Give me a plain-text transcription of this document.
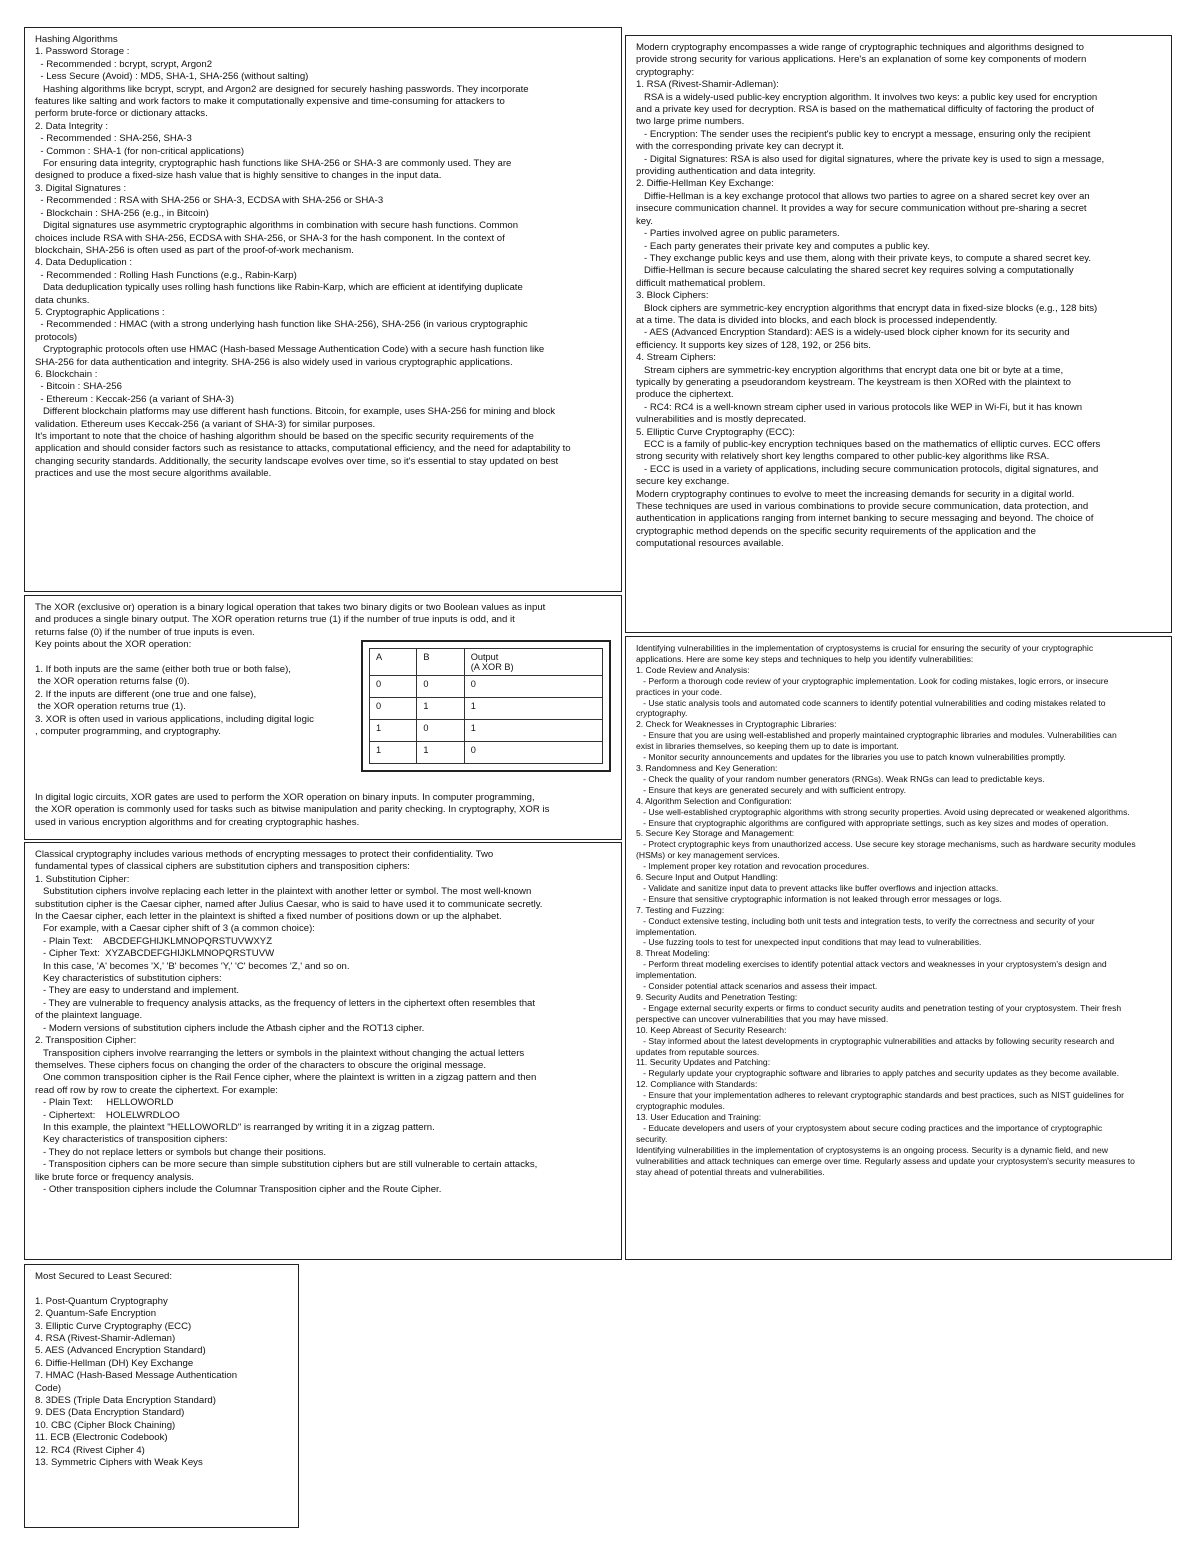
Hashing Algorithms

1. Password Storage :

- Recommended : bcrypt, scrypt, Argon2

- Less Secure (Avoid) : MD5, SHA-1, SHA-256 (without salting)

Hashing algorithms like bcrypt, scrypt, and Argon2 are designed for securely hashing passwords. They incorporate

features like salting and work factors to make it computationally expensive and time-consuming for attackers to

perform brute-force or dictionary attacks.

2. Data Integrity :

- Recommended : SHA-256, SHA-3

- Common : SHA-1 (for non-critical applications)

For ensuring data integrity, cryptographic hash functions like SHA-256 or SHA-3 are commonly used. They are

designed to produce a fixed-size hash value that is highly sensitive to changes in the input data.

3. Digital Signatures :

- Recommended : RSA with SHA-256 or SHA-3, ECDSA with SHA-256 or SHA-3

- Blockchain : SHA-256 (e.g., in Bitcoin)

Digital signatures use asymmetric cryptographic algorithms in combination with secure hash functions. Common

choices include RSA with SHA-256, ECDSA with SHA-256, or SHA-3 for the hash component. In the context of

blockchain, SHA-256 is often used as part of the proof-of-work mechanism.

4. Data Deduplication :

- Recommended : Rolling Hash Functions (e.g., Rabin-Karp)

Data deduplication typically uses rolling hash functions like Rabin-Karp, which are efficient at identifying duplicate

data chunks.

5. Cryptographic Applications :

- Recommended : HMAC (with a strong underlying hash function like SHA-256), SHA-256 (in various cryptographic

protocols)

Cryptographic protocols often use HMAC (Hash-based Message Authentication Code) with a secure hash function like

SHA-256 for data authentication and integrity. SHA-256 is also widely used in various cryptographic applications.

6. Blockchain :

- Bitcoin : SHA-256

- Ethereum : Keccak-256 (a variant of SHA-3)

Different blockchain platforms may use different hash functions. Bitcoin, for example, uses SHA-256 for mining and block

validation. Ethereum uses Keccak-256 (a variant of SHA-3) for similar purposes.

It's important to note that the choice of hashing algorithm should be based on the specific security requirements of the

application and should consider factors such as resistance to attacks, computational efficiency, and the need for adaptability to

changing security standards. Additionally, the security landscape evolves over time, so it's essential to stay updated on best

practices and use the most secure algorithms available.

Modern cryptography encompasses a wide range of cryptographic techniques and algorithms designed to

provide strong security for various applications. Here's an explanation of some key components of modern

cryptography:

1. RSA (Rivest-Shamir-Adleman):

RSA is a widely-used public-key encryption algorithm. It involves two keys: a public key used for encryption

and a private key used for decryption. RSA is based on the mathematical difficulty of factoring the product of

two large prime numbers.

- Encryption: The sender uses the recipient's public key to encrypt a message, ensuring only the recipient

with the corresponding private key can decrypt it.

- Digital Signatures: RSA is also used for digital signatures, where the private key is used to sign a message,

providing authentication and data integrity.

2. Diffie-Hellman Key Exchange:

Diffie-Hellman is a key exchange protocol that allows two parties to agree on a shared secret key over an

insecure communication channel. It provides a way for secure communication without pre-sharing a secret

key.

- Parties involved agree on public parameters.

- Each party generates their private key and computes a public key.

- They exchange public keys and use them, along with their private keys, to compute a shared secret key.

Diffie-Hellman is secure because calculating the shared secret key requires solving a computationally

difficult mathematical problem.

3. Block Ciphers:

Block ciphers are symmetric-key encryption algorithms that encrypt data in fixed-size blocks (e.g., 128 bits)

at a time. The data is divided into blocks, and each block is processed independently.

- AES (Advanced Encryption Standard): AES is a widely-used block cipher known for its security and

efficiency. It supports key sizes of 128, 192, or 256 bits.

4. Stream Ciphers:

Stream ciphers are symmetric-key encryption algorithms that encrypt data one bit or byte at a time,

typically by generating a pseudorandom keystream. The keystream is then XORed with the plaintext to

produce the ciphertext.

- RC4: RC4 is a well-known stream cipher used in various protocols like WEP in Wi-Fi, but it has known

vulnerabilities and is mostly deprecated.

5. Elliptic Curve Cryptography (ECC):

ECC is a family of public-key encryption techniques based on the mathematics of elliptic curves. ECC offers

strong security with relatively short key lengths compared to other public-key algorithms like RSA.

- ECC is used in a variety of applications, including secure communication protocols, digital signatures, and

secure key exchange.

Modern cryptography continues to evolve to meet the increasing demands for security in a digital world.

These techniques are used in various combinations to provide secure communication, data protection, and

authentication in applications ranging from internet banking to secure messaging and beyond. The choice of

cryptographic method depends on the specific security requirements of the application and the

computational resources available.

The XOR (exclusive or) operation is a binary logical operation that takes two binary digits or two Boolean values as input

and produces a single binary output. The XOR operation returns true (1) if the number of true inputs is odd, and it

returns false (0) if the number of true inputs is even.

Key points about the XOR operation:

1. If both inputs are the same (either both true or both false),

the XOR operation returns false (0).

2. If the inputs are different (one true and one false),

the XOR operation returns true (1).

3. XOR is often used in various applications, including digital logic

, computer programming, and cryptography.

In digital logic circuits, XOR gates are used to perform the XOR operation on binary inputs. In computer programming,

the XOR operation is commonly used for tasks such as bitwise manipulation and parity checking. In cryptography, XOR is

used in various encryption algorithms and for creating cryptographic hashes.

A	B	Output
(A XOR B)
0	0	0
0	1	1
1	0	1
1	1	0

Identifying vulnerabilities in the implementation of cryptosystems is crucial for ensuring the security of your cryptographic

applications. Here are some key steps and techniques to help you identify vulnerabilities:

1. Code Review and Analysis:

- Perform a thorough code review of your cryptographic implementation. Look for coding mistakes, logic errors, or insecure

practices in your code.

- Use static analysis tools and automated code scanners to identify potential vulnerabilities and coding mistakes related to

cryptography.

2. Check for Weaknesses in Cryptographic Libraries:

- Ensure that you are using well-established and properly maintained cryptographic libraries and modules. Vulnerabilities can

exist in libraries themselves, so keeping them up to date is important.

- Monitor security announcements and updates for the libraries you use to patch known vulnerabilities promptly.

3. Randomness and Key Generation:

- Check the quality of your random number generators (RNGs). Weak RNGs can lead to predictable keys.

- Ensure that keys are generated securely and with sufficient entropy.

4. Algorithm Selection and Configuration:

- Use well-established cryptographic algorithms with strong security properties. Avoid using deprecated or weakened algorithms.

- Ensure that cryptographic algorithms are configured with appropriate settings, such as key sizes and modes of operation.

5. Secure Key Storage and Management:

- Protect cryptographic keys from unauthorized access. Use secure key storage mechanisms, such as hardware security modules

(HSMs) or key management services.

- Implement proper key rotation and revocation procedures.

6. Secure Input and Output Handling:

- Validate and sanitize input data to prevent attacks like buffer overflows and injection attacks.

- Ensure that sensitive cryptographic information is not leaked through error messages or logs.

7. Testing and Fuzzing:

- Conduct extensive testing, including both unit tests and integration tests, to verify the correctness and security of your

implementation.

- Use fuzzing tools to test for unexpected input conditions that may lead to vulnerabilities.

8. Threat Modeling:

- Perform threat modeling exercises to identify potential attack vectors and weaknesses in your cryptosystem's design and

implementation.

- Consider potential attack scenarios and assess their impact.

9. Security Audits and Penetration Testing:

- Engage external security experts or firms to conduct security audits and penetration testing of your cryptosystem. Their fresh

perspective can uncover vulnerabilities that you may have missed.

10. Keep Abreast of Security Research:

- Stay informed about the latest developments in cryptographic vulnerabilities and attacks by following security research and

updates from reputable sources.

11. Security Updates and Patching:

- Regularly update your cryptographic software and libraries to apply patches and security updates as they become available.

12. Compliance with Standards:

- Ensure that your implementation adheres to relevant cryptographic standards and best practices, such as NIST guidelines for

cryptographic modules.

13. User Education and Training:

- Educate developers and users of your cryptosystem about secure coding practices and the importance of cryptographic

security.

Identifying vulnerabilities in the implementation of cryptosystems is an ongoing process. Security is a dynamic field, and new

vulnerabilities and attack techniques can emerge over time. Regularly assess and update your cryptosystem's security measures to

stay ahead of potential threats and vulnerabilities.

Classical cryptography includes various methods of encrypting messages to protect their confidentiality. Two

fundamental types of classical ciphers are substitution ciphers and transposition ciphers:

1. Substitution Cipher:

Substitution ciphers involve replacing each letter in the plaintext with another letter or symbol. The most well-known

substitution cipher is the Caesar cipher, named after Julius Caesar, who is said to have used it to communicate secretly.

In the Caesar cipher, each letter in the plaintext is shifted a fixed number of positions down or up the alphabet.

For example, with a Caesar cipher shift of 3 (a common choice):

- Plain Text:    ABCDEFGHIJKLMNOPQRSTUVWXYZ

- Cipher Text:  XYZABCDEFGHIJKLMNOPQRSTUVW

In this case, 'A' becomes 'X,' 'B' becomes 'Y,' 'C' becomes 'Z,' and so on.

Key characteristics of substitution ciphers:

- They are easy to understand and implement.

- They are vulnerable to frequency analysis attacks, as the frequency of letters in the ciphertext often resembles that

of the plaintext language.

- Modern versions of substitution ciphers include the Atbash cipher and the ROT13 cipher.

2. Transposition Cipher:

Transposition ciphers involve rearranging the letters or symbols in the plaintext without changing the actual letters

themselves. These ciphers focus on changing the order of the characters to obscure the original message.

One common transposition cipher is the Rail Fence cipher, where the plaintext is written in a zigzag pattern and then

read off row by row to create the ciphertext. For example:

- Plain Text:     HELLOWORLD

- Ciphertext:    HOLELWRDLOO

In this example, the plaintext "HELLOWORLD" is rearranged by writing it in a zigzag pattern.

Key characteristics of transposition ciphers:

- They do not replace letters or symbols but change their positions.

- Transposition ciphers can be more secure than simple substitution ciphers but are still vulnerable to certain attacks,

like brute force or frequency analysis.

- Other transposition ciphers include the Columnar Transposition cipher and the Route Cipher.

Most Secured to Least Secured:

1. Post-Quantum Cryptography

2. Quantum-Safe Encryption

3. Elliptic Curve Cryptography (ECC)

4. RSA (Rivest-Shamir-Adleman)

5. AES (Advanced Encryption Standard)

6. Diffie-Hellman (DH) Key Exchange

7. HMAC (Hash-Based Message Authentication

Code)

8. 3DES (Triple Data Encryption Standard)

9. DES (Data Encryption Standard)

10. CBC (Cipher Block Chaining)

11. ECB (Electronic Codebook)

12. RC4 (Rivest Cipher 4)

13. Symmetric Ciphers with Weak Keys
